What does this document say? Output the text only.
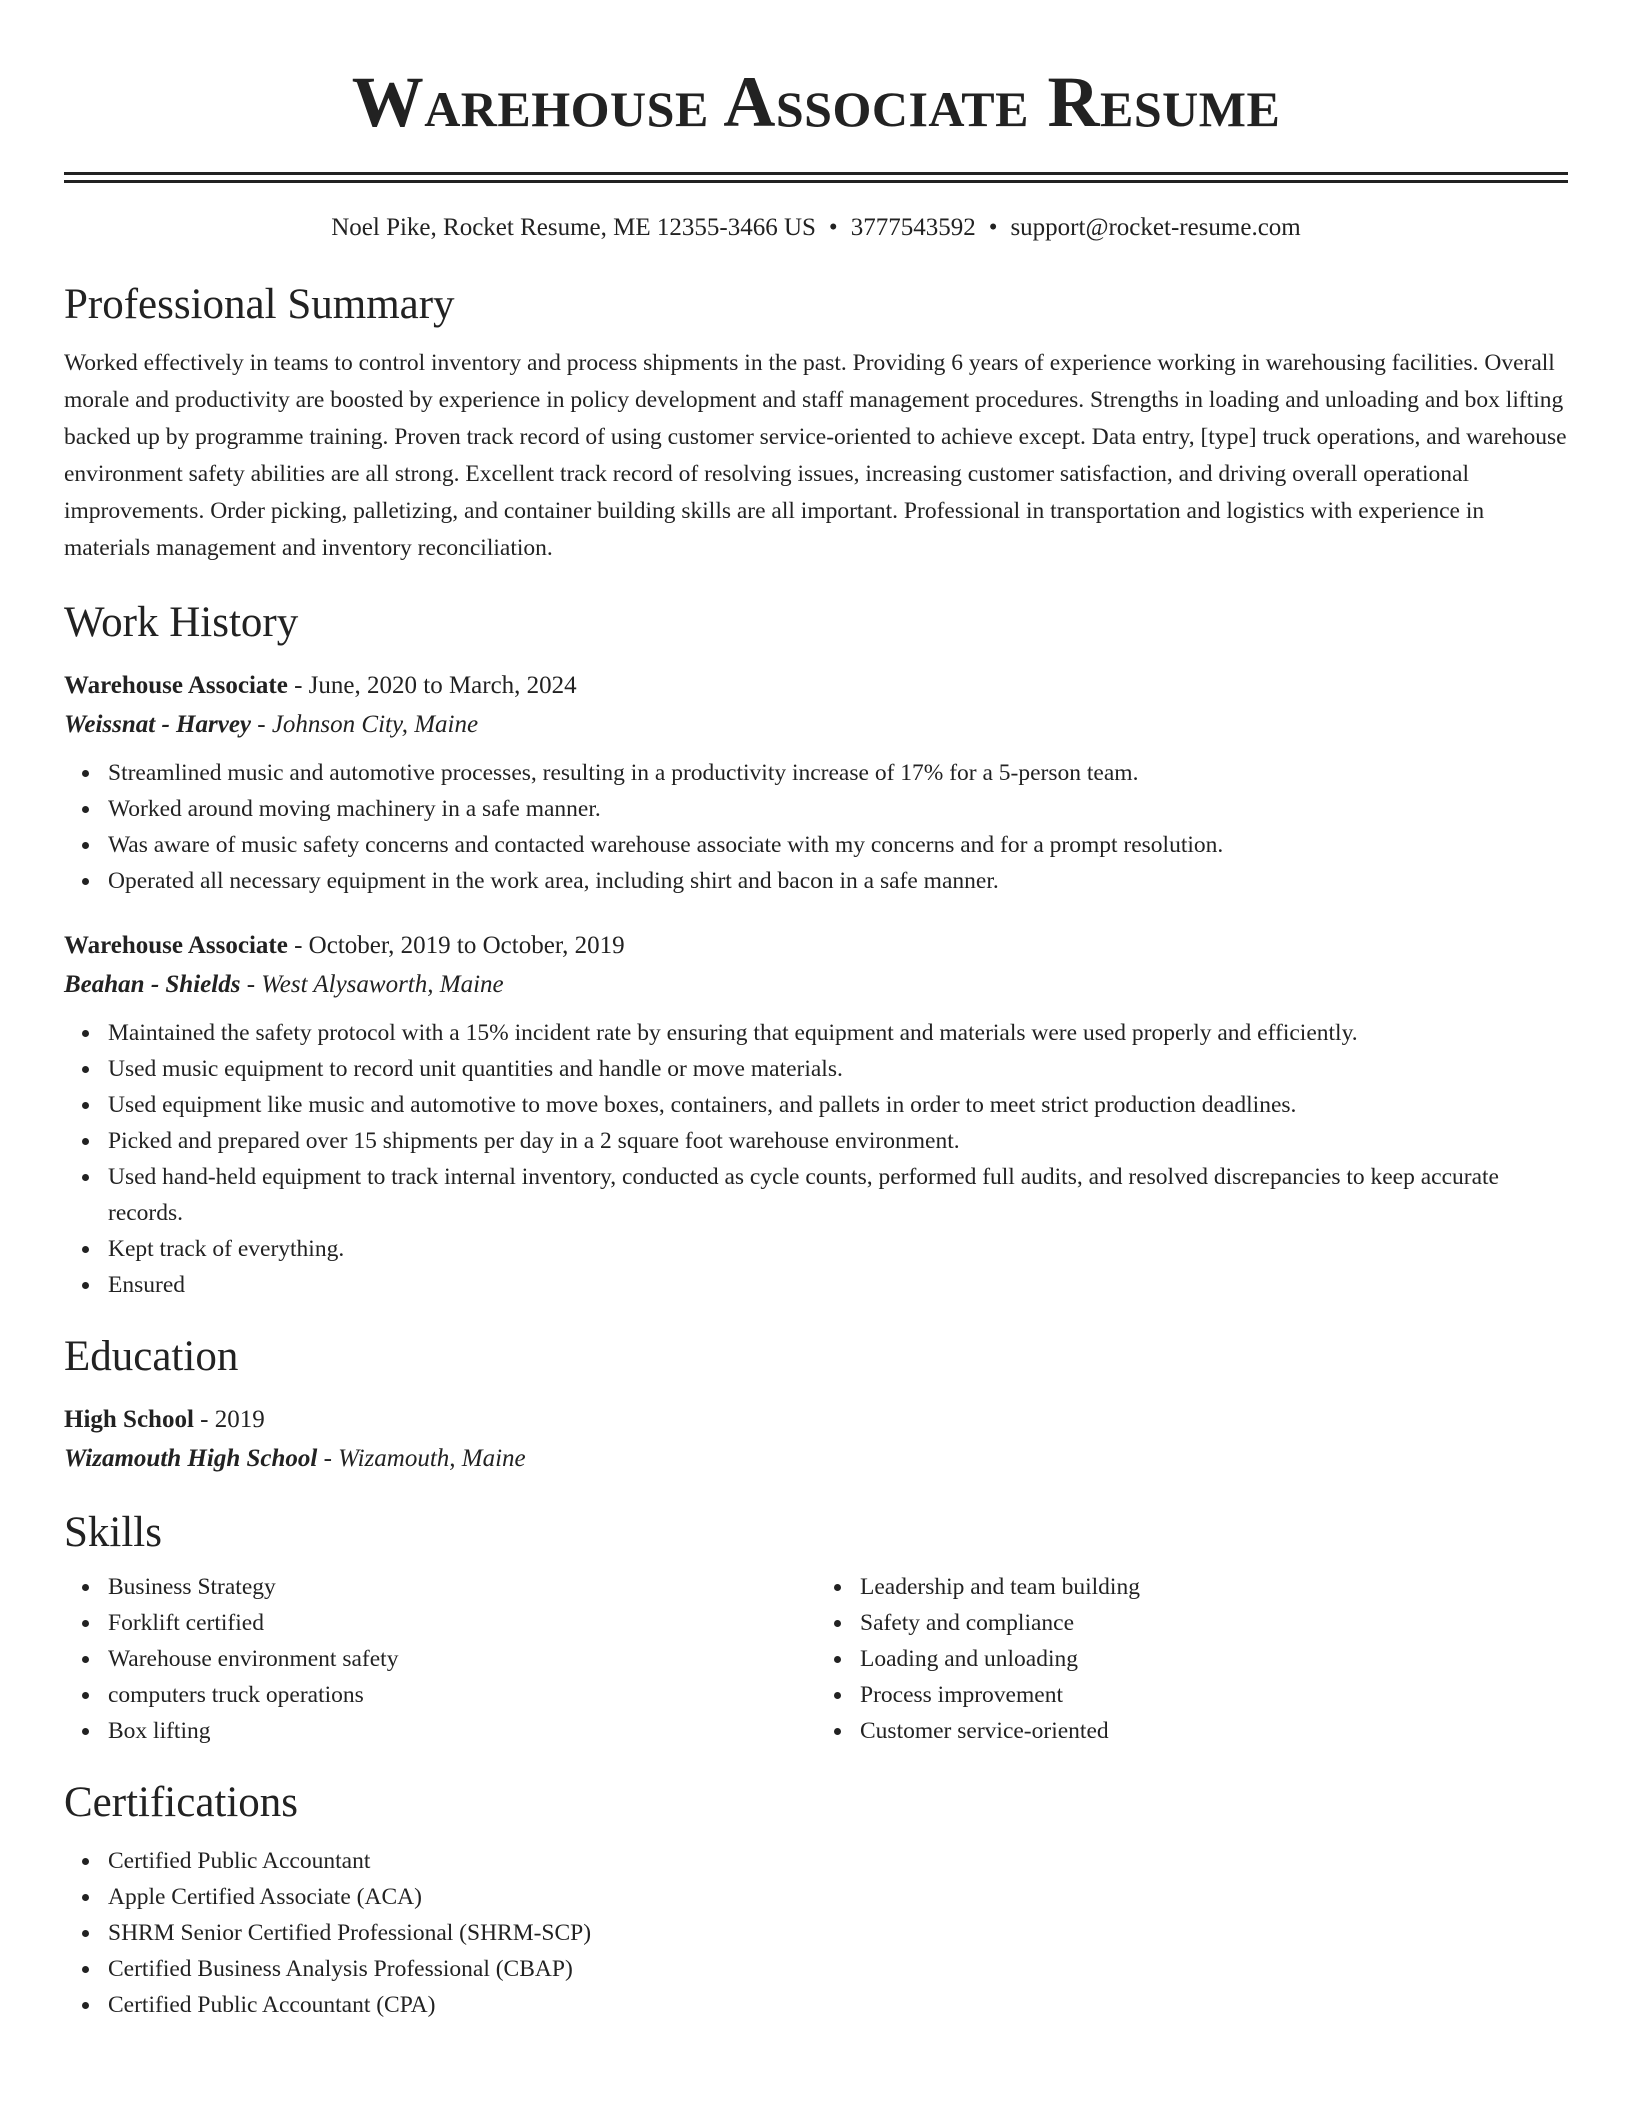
Warehouse Associate Resume
Noel Pike, Rocket Resume, ME 12355-3466 US • 3777543592 • support@rocket-resume.com
Professional Summary
Worked effectively in teams to control inventory and process shipments in the past. Providing 6 years of experience working in warehousing facilities. Overall morale and productivity are boosted by experience in policy development and staff management procedures. Strengths in loading and unloading and box lifting backed up by programme training. Proven track record of using customer service-oriented to achieve except. Data entry, [type] truck operations, and warehouse environment safety abilities are all strong. Excellent track record of resolving issues, increasing customer satisfaction, and driving overall operational improvements. Order picking, palletizing, and container building skills are all important. Professional in transportation and logistics with experience in materials management and inventory reconciliation.
Work History
Warehouse Associate - June, 2020 to March, 2024
Weissnat - Harvey - Johnson City, Maine
Streamlined music and automotive processes, resulting in a productivity increase of 17% for a 5-person team.
Worked around moving machinery in a safe manner.
Was aware of music safety concerns and contacted warehouse associate with my concerns and for a prompt resolution.
Operated all necessary equipment in the work area, including shirt and bacon in a safe manner.
Warehouse Associate - October, 2019 to October, 2019
Beahan - Shields - West Alysaworth, Maine
Maintained the safety protocol with a 15% incident rate by ensuring that equipment and materials were used properly and efficiently.
Used music equipment to record unit quantities and handle or move materials.
Used equipment like music and automotive to move boxes, containers, and pallets in order to meet strict production deadlines.
Picked and prepared over 15 shipments per day in a 2 square foot warehouse environment.
Used hand-held equipment to track internal inventory, conducted as cycle counts, performed full audits, and resolved discrepancies to keep accurate records.
Kept track of everything.
Ensured
Education
High School - 2019
Wizamouth High School - Wizamouth, Maine
Skills
Business Strategy
Forklift certified
Warehouse environment safety
computers truck operations
Box lifting
Leadership and team building
Safety and compliance
Loading and unloading
Process improvement
Customer service-oriented
Certifications
Certified Public Accountant
Apple Certified Associate (ACA)
SHRM Senior Certified Professional (SHRM-SCP)
Certified Business Analysis Professional (CBAP)
Certified Public Accountant (CPA)
